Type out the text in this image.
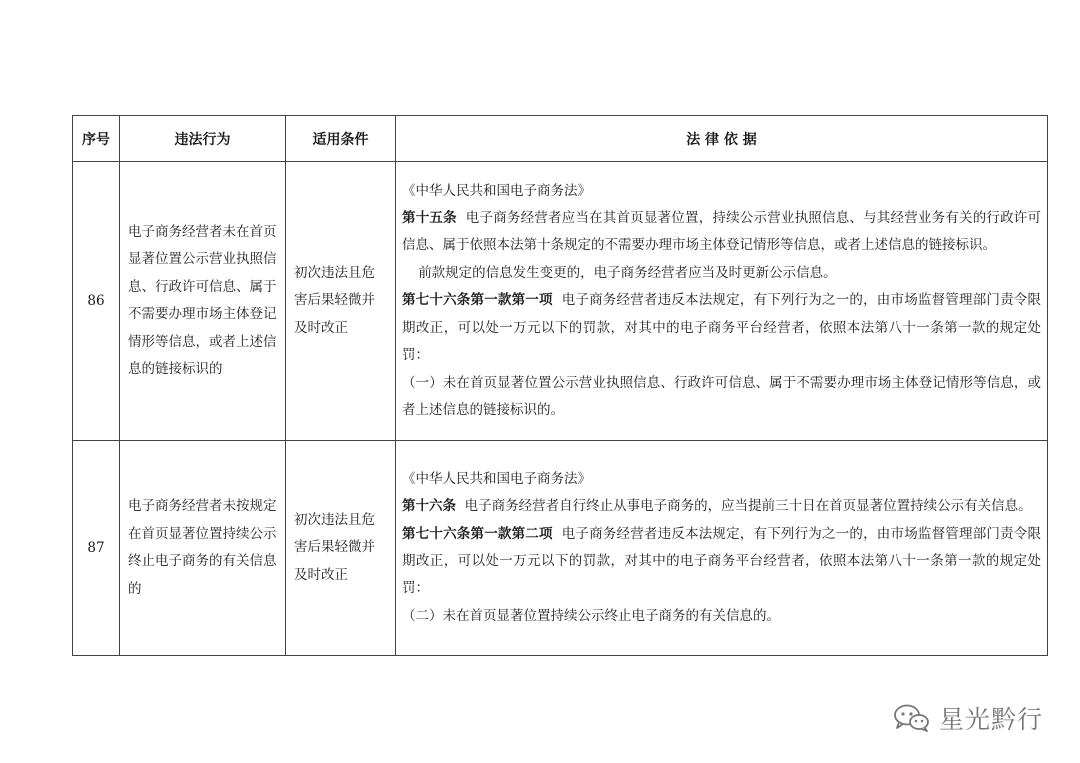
序号	违法行为	适用条件	法 律 依 据
86	电子商务经营者未在首页显著位置公示营业执照信息、行政许可信息、属于不需要办理市场主体登记情形等信息，或者上述信息的链接标识的	初次违法且危害后果轻微并及时改正	《中华人民共和国电子商务法》

第十五条 电子商务经营者应当在其首页显著位置，持续公示营业执照信息、与其经营业务有关的行政许可信息、属于依照本法第十条规定的不需要办理市场主体登记情形等信息，或者上述信息的链接标识。

前款规定的信息发生变更的，电子商务经营者应当及时更新公示信息。

第七十六条第一款第一项 电子商务经营者违反本法规定，有下列行为之一的，由市场监督管理部门责令限期改正，可以处一万元以下的罚款，对其中的电子商务平台经营者，依照本法第八十一条第一款的规定处罚：

（一）未在首页显著位置公示营业执照信息、行政许可信息、属于不需要办理市场主体登记情形等信息，或者上述信息的链接标识的。

87	电子商务经营者未按规定在首页显著位置持续公示终止电子商务的有关信息的	初次违法且危害后果轻微并及时改正	《中华人民共和国电子商务法》

第十六条 电子商务经营者自行终止从事电子商务的，应当提前三十日在首页显著位置持续公示有关信息。

第七十六条第一款第二项 电子商务经营者违反本法规定，有下列行为之一的，由市场监督管理部门责令限期改正，可以处一万元以下的罚款，对其中的电子商务平台经营者，依照本法第八十一条第一款的规定处罚：

（二）未在首页显著位置持续公示终止电子商务的有关信息的。

星光黔行
